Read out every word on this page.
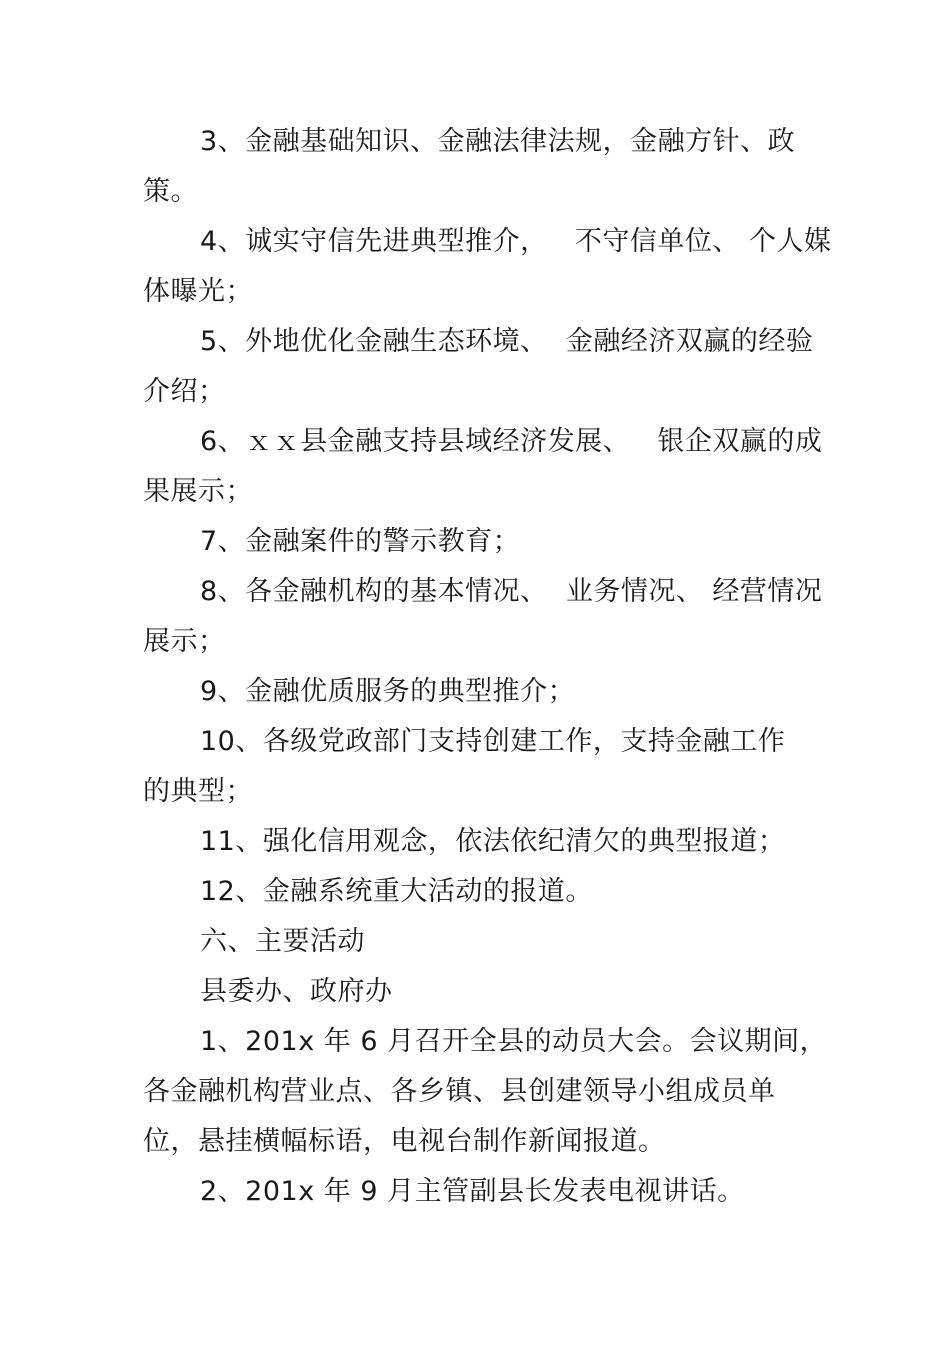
3、金融基础知识、金融法律法规，金融方针、政
策。
4、诚实守信先进典型推介，   不守信单位、 个人媒
体曝光；
5、外地优化金融生态环境、  金融经济双赢的经验
介绍；
6、ｘｘ县金融支持县域经济发展、   银企双赢的成
果展示；
7、金融案件的警示教育；
8、各金融机构的基本情况、  业务情况、 经营情况
展示；
9、金融优质服务的典型推介；
10、各级党政部门支持创建工作，支持金融工作
的典型；
11、强化信用观念，依法依纪清欠的典型报道；
12、金融系统重大活动的报道。
六、主要活动
县委办、政府办
1、201x 年 6 月召开全县的动员大会。会议期间，
各金融机构营业点、各乡镇、县创建领导小组成员单
位，悬挂横幅标语，电视台制作新闻报道。
2、201x 年 9 月主管副县长发表电视讲话。
